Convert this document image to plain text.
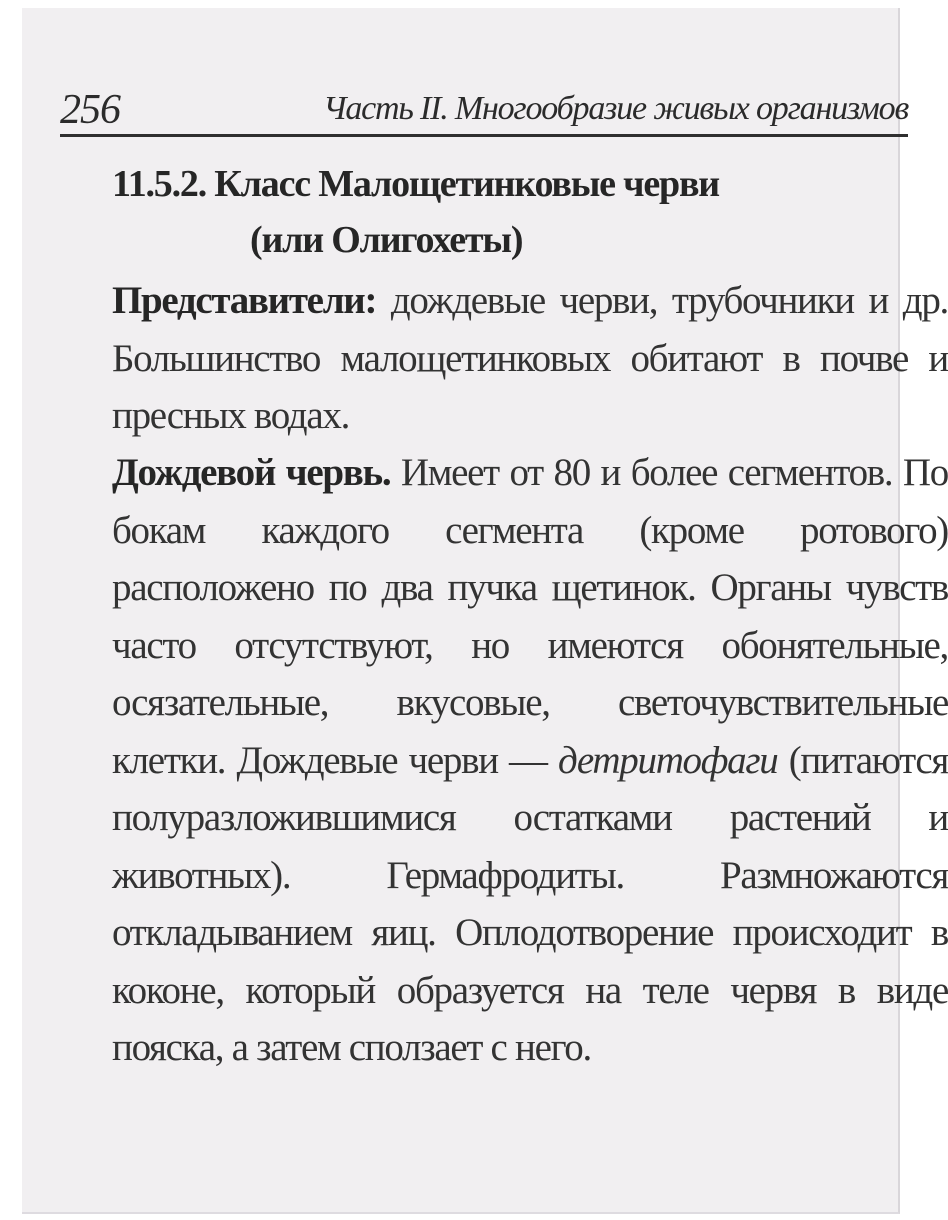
256	Часть II. Многообразие живых организмов
11.5.2. Класс Малощетинковые черви
(или Олигохеты)
Представители: дождевые черви, трубочники и др. Большинство малощетинковых обитают в почве и пресных водах.
Дождевой червь. Имеет от 80 и более сегментов. По бокам каждого сегмента (кроме ротового) расположено по два пучка щетинок. Органы чувств часто отсутствуют, но имеются обонятельные, осязательные, вкусовые, светочувствительные клетки. Дождевые черви — детритофаги (питаются полуразложившимися остатками растений и животных). Гермафродиты. Размножаются откладыванием яиц. Оплодотворение происходит в коконе, который образуется на теле червя в виде пояска, а затем сползает с него.
